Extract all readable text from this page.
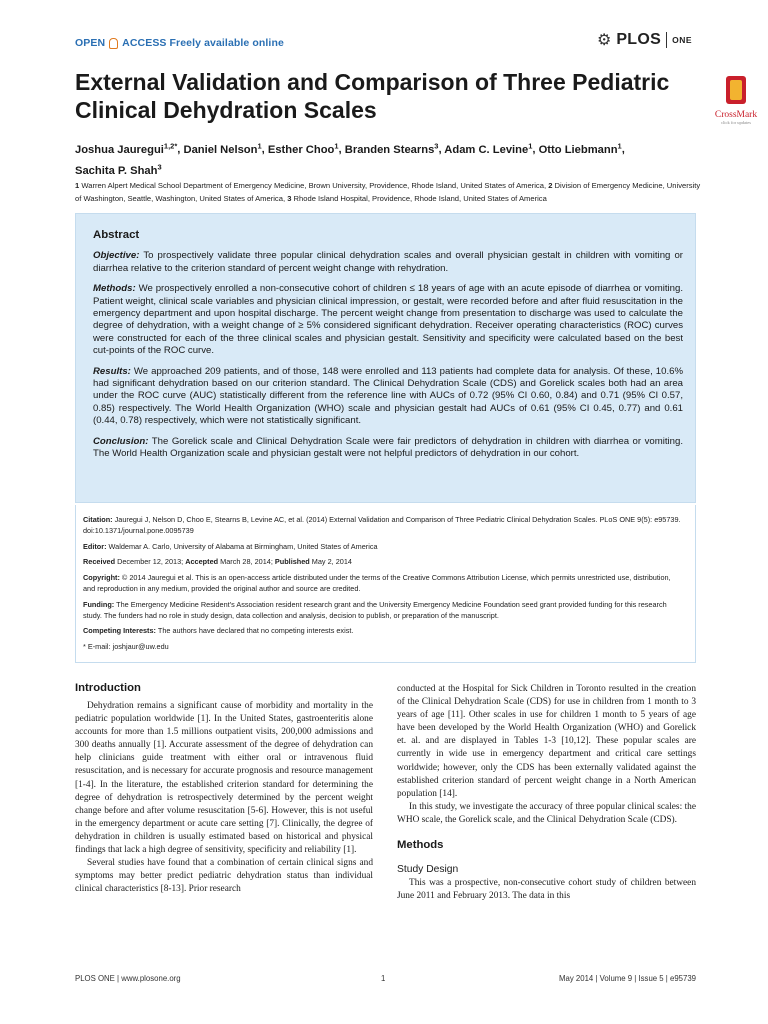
OPEN ACCESS Freely available online	⚙ PLOS ONE
External Validation and Comparison of Three Pediatric Clinical Dehydration Scales	CrossMark
click for updates
Joshua Jauregui$^{1,2*}$, Daniel Nelson$^1$, Esther Choo$^1$, Branden Stearns$^3$, Adam C. Levine$^1$, Otto Liebmann$^1$,
Sachita P. Shah$^3$
1 Warren Alpert Medical School Department of Emergency Medicine, Brown University, Providence, Rhode Island, United States of America, 2 Division of Emergency Medicine, University of Washington, Seattle, Washington, United States of America, 3 Rhode Island Hospital, Providence, Rhode Island, United States of America
Abstract

Objective: To prospectively validate three popular clinical dehydration scales and overall physician gestalt in children with vomiting or diarrhea relative to the criterion standard of percent weight change with rehydration.

Methods: We prospectively enrolled a non-consecutive cohort of children ≤ 18 years of age with an acute episode of diarrhea or vomiting. Patient weight, clinical scale variables and physician clinical impression, or gestalt, were recorded before and after fluid resuscitation in the emergency department and upon hospital discharge. The percent weight change from presentation to discharge was used to calculate the degree of dehydration, with a weight change of ≥ 5% considered significant dehydration. Receiver operating characteristics (ROC) curves were constructed for each of the three clinical scales and physician gestalt. Sensitivity and specificity were calculated based on the best cut-points of the ROC curve.

Results: We approached 209 patients, and of those, 148 were enrolled and 113 patients had complete data for analysis. Of these, 10.6% had significant dehydration based on our criterion standard. The Clinical Dehydration Scale (CDS) and Gorelick scales both had an area under the ROC curve (AUC) statistically different from the reference line with AUCs of 0.72 (95% CI 0.60, 0.84) and 0.71 (95% CI 0.57, 0.85) respectively. The World Health Organization (WHO) scale and physician gestalt had AUCs of 0.61 (95% CI 0.45, 0.77) and 0.61 (0.44, 0.78) respectively, which were not statistically significant.

Conclusion: The Gorelick scale and Clinical Dehydration Scale were fair predictors of dehydration in children with diarrhea or vomiting. The World Health Organization scale and physician gestalt were not helpful predictors of dehydration in our cohort.

Citation: Jauregui J, Nelson D, Choo E, Stearns B, Levine AC, et al. (2014) External Validation and Comparison of Three Pediatric Clinical Dehydration Scales. PLoS ONE 9(5): e95739. doi:10.1371/journal.pone.0095739

Editor: Waldemar A. Carlo, University of Alabama at Birmingham, United States of America

Received December 12, 2013; Accepted March 28, 2014; Published May 2, 2014

Copyright: © 2014 Jauregui et al. This is an open-access article distributed under the terms of the Creative Commons Attribution License, which permits unrestricted use, distribution, and reproduction in any medium, provided the original author and source are credited.

Funding: The Emergency Medicine Resident's Association resident research grant and the University Emergency Medicine Foundation seed grant provided funding for this research study. The funders had no role in study design, data collection and analysis, decision to publish, or preparation of the manuscript.

Competing Interests: The authors have declared that no competing interests exist.

* E-mail: joshjaur@uw.edu

Introduction

Dehydration remains a significant cause of morbidity and mortality in the pediatric population worldwide [1]. In the United States, gastroenteritis alone accounts for more than 1.5 millions outpatient visits, 200,000 admissions and 300 deaths annually [1]. Accurate assessment of the degree of dehydration can help clinicians guide treatment with either oral or intravenous fluid resuscitation, and is necessary for accurate prognosis and resource management [1-4]. In the literature, the established criterion standard for determining the degree of dehydration is retrospectively determined by the percent weight change before and after volume resuscitation [5-6]. However, this is not useful in the emergency department or acute care setting [7]. Clinically, the degree of dehydration in children is usually estimated based on historical and physical findings that lack a high degree of sensitivity, specificity and reliability [1].

Several studies have found that a combination of certain clinical signs and symptoms may better predict pediatric dehydration status than individual clinical characteristics [8-13]. Prior research

conducted at the Hospital for Sick Children in Toronto resulted in the creation of the Clinical Dehydration Scale (CDS) for use in children from 1 month to 3 years of age [11]. Other scales in use for children 1 month to 5 years of age have been developed by the World Health Organization (WHO) and Gorelick et. al. and are displayed in Tables 1-3 [10,12]. These popular scales are currently in wide use in emergency department and critical care settings worldwide; however, only the CDS has been externally validated against the established criterion standard of percent weight change in a North American population [14].

In this study, we investigate the accuracy of three popular clinical scales: the WHO scale, the Gorelick scale, and the Clinical Dehydration Scale (CDS).

Methods
Study Design

This was a prospective, non-consecutive cohort study of children between June 2011 and February 2013. The data in this

PLOS ONE | www.plosone.org	1	May 2014 | Volume 9 | Issue 5 | e95739
